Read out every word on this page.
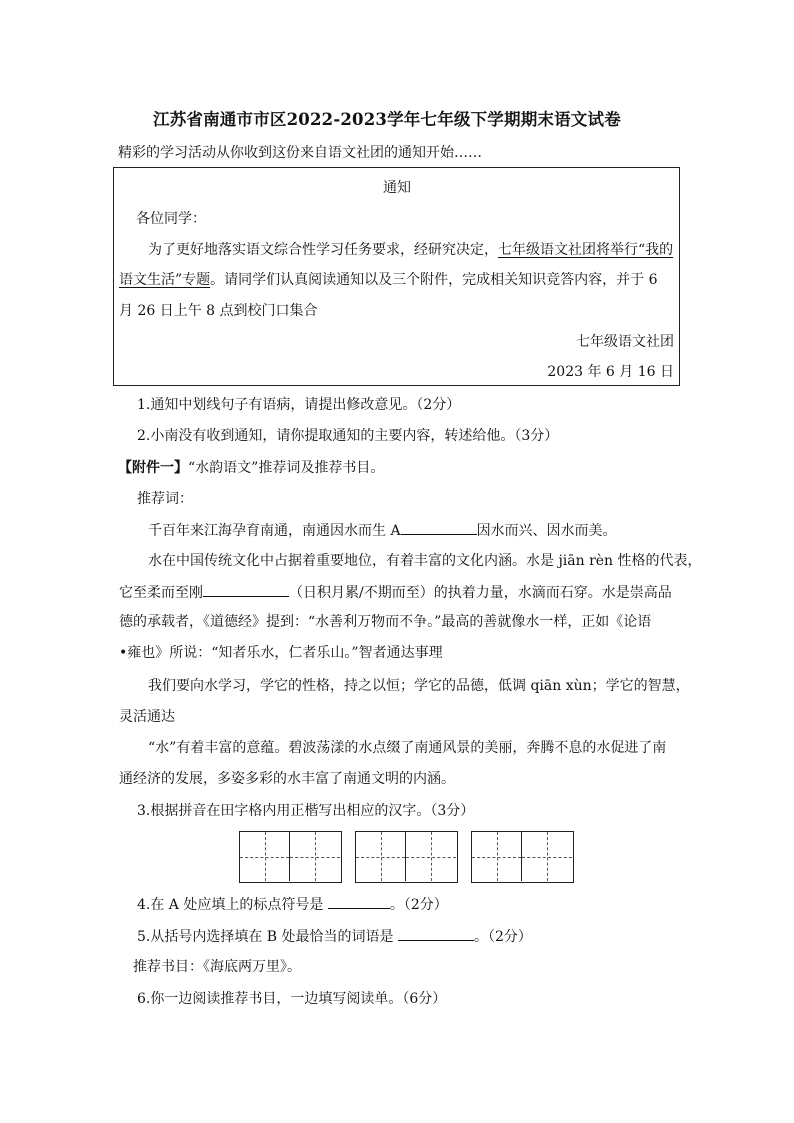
江苏省南通市市区2022-2023学年七年级下学期期末语文试卷
精彩的学习活动从你收到这份来自语文社团的通知开始……
通知
各位同学：
为了更好地落实语文综合性学习任务要求，经研究决定，七年级语文社团将举行“我的
语文生活”专题。请同学们认真阅读通知以及三个附件，完成相关知识竞答内容，并于 6
月 26 日上午 8 点到校门口集合
七年级语文社团
2023 年 6 月 16 日
1.通知中划线句子有语病，请提出修改意见。（2分）
2.小南没有收到通知，请你提取通知的主要内容，转述给他。（3分）
【附件一】“水韵语文”推荐词及推荐书目。
推荐词：
千百年来江海孕育南通，南通因水而生 A	因水而兴、因水而美。
水在中国传统文化中占据着重要地位，有着丰富的文化内涵。水是 jiān rèn 性格的代表，
它至柔而至刚	（日积月累/不期而至）的执着力量，水滴而石穿。水是崇高品
德的承载者，《道德经》提到：“水善利万物而不争。”最高的善就像水一样，正如《论语
•雍也》所说：“知者乐水，仁者乐山。”智者通达事理
我们要向水学习，学它的性格，持之以恒；学它的品德，低调 qiān xùn；学它的智慧，
灵活通达
“水”有着丰富的意蕴。碧波荡漾的水点缀了南通风景的美丽，奔腾不息的水促进了南
通经济的发展，多姿多彩的水丰富了南通文明的内涵。
3.根据拼音在田字格内用正楷写出相应的汉字。（3分）
4.在 A 处应填上的标点符号是	。（2分）
5.从括号内选择填在 B 处最恰当的词语是	。（2分）
推荐书目：《海底两万里》。
6.你一边阅读推荐书目，一边填写阅读单。（6分）
